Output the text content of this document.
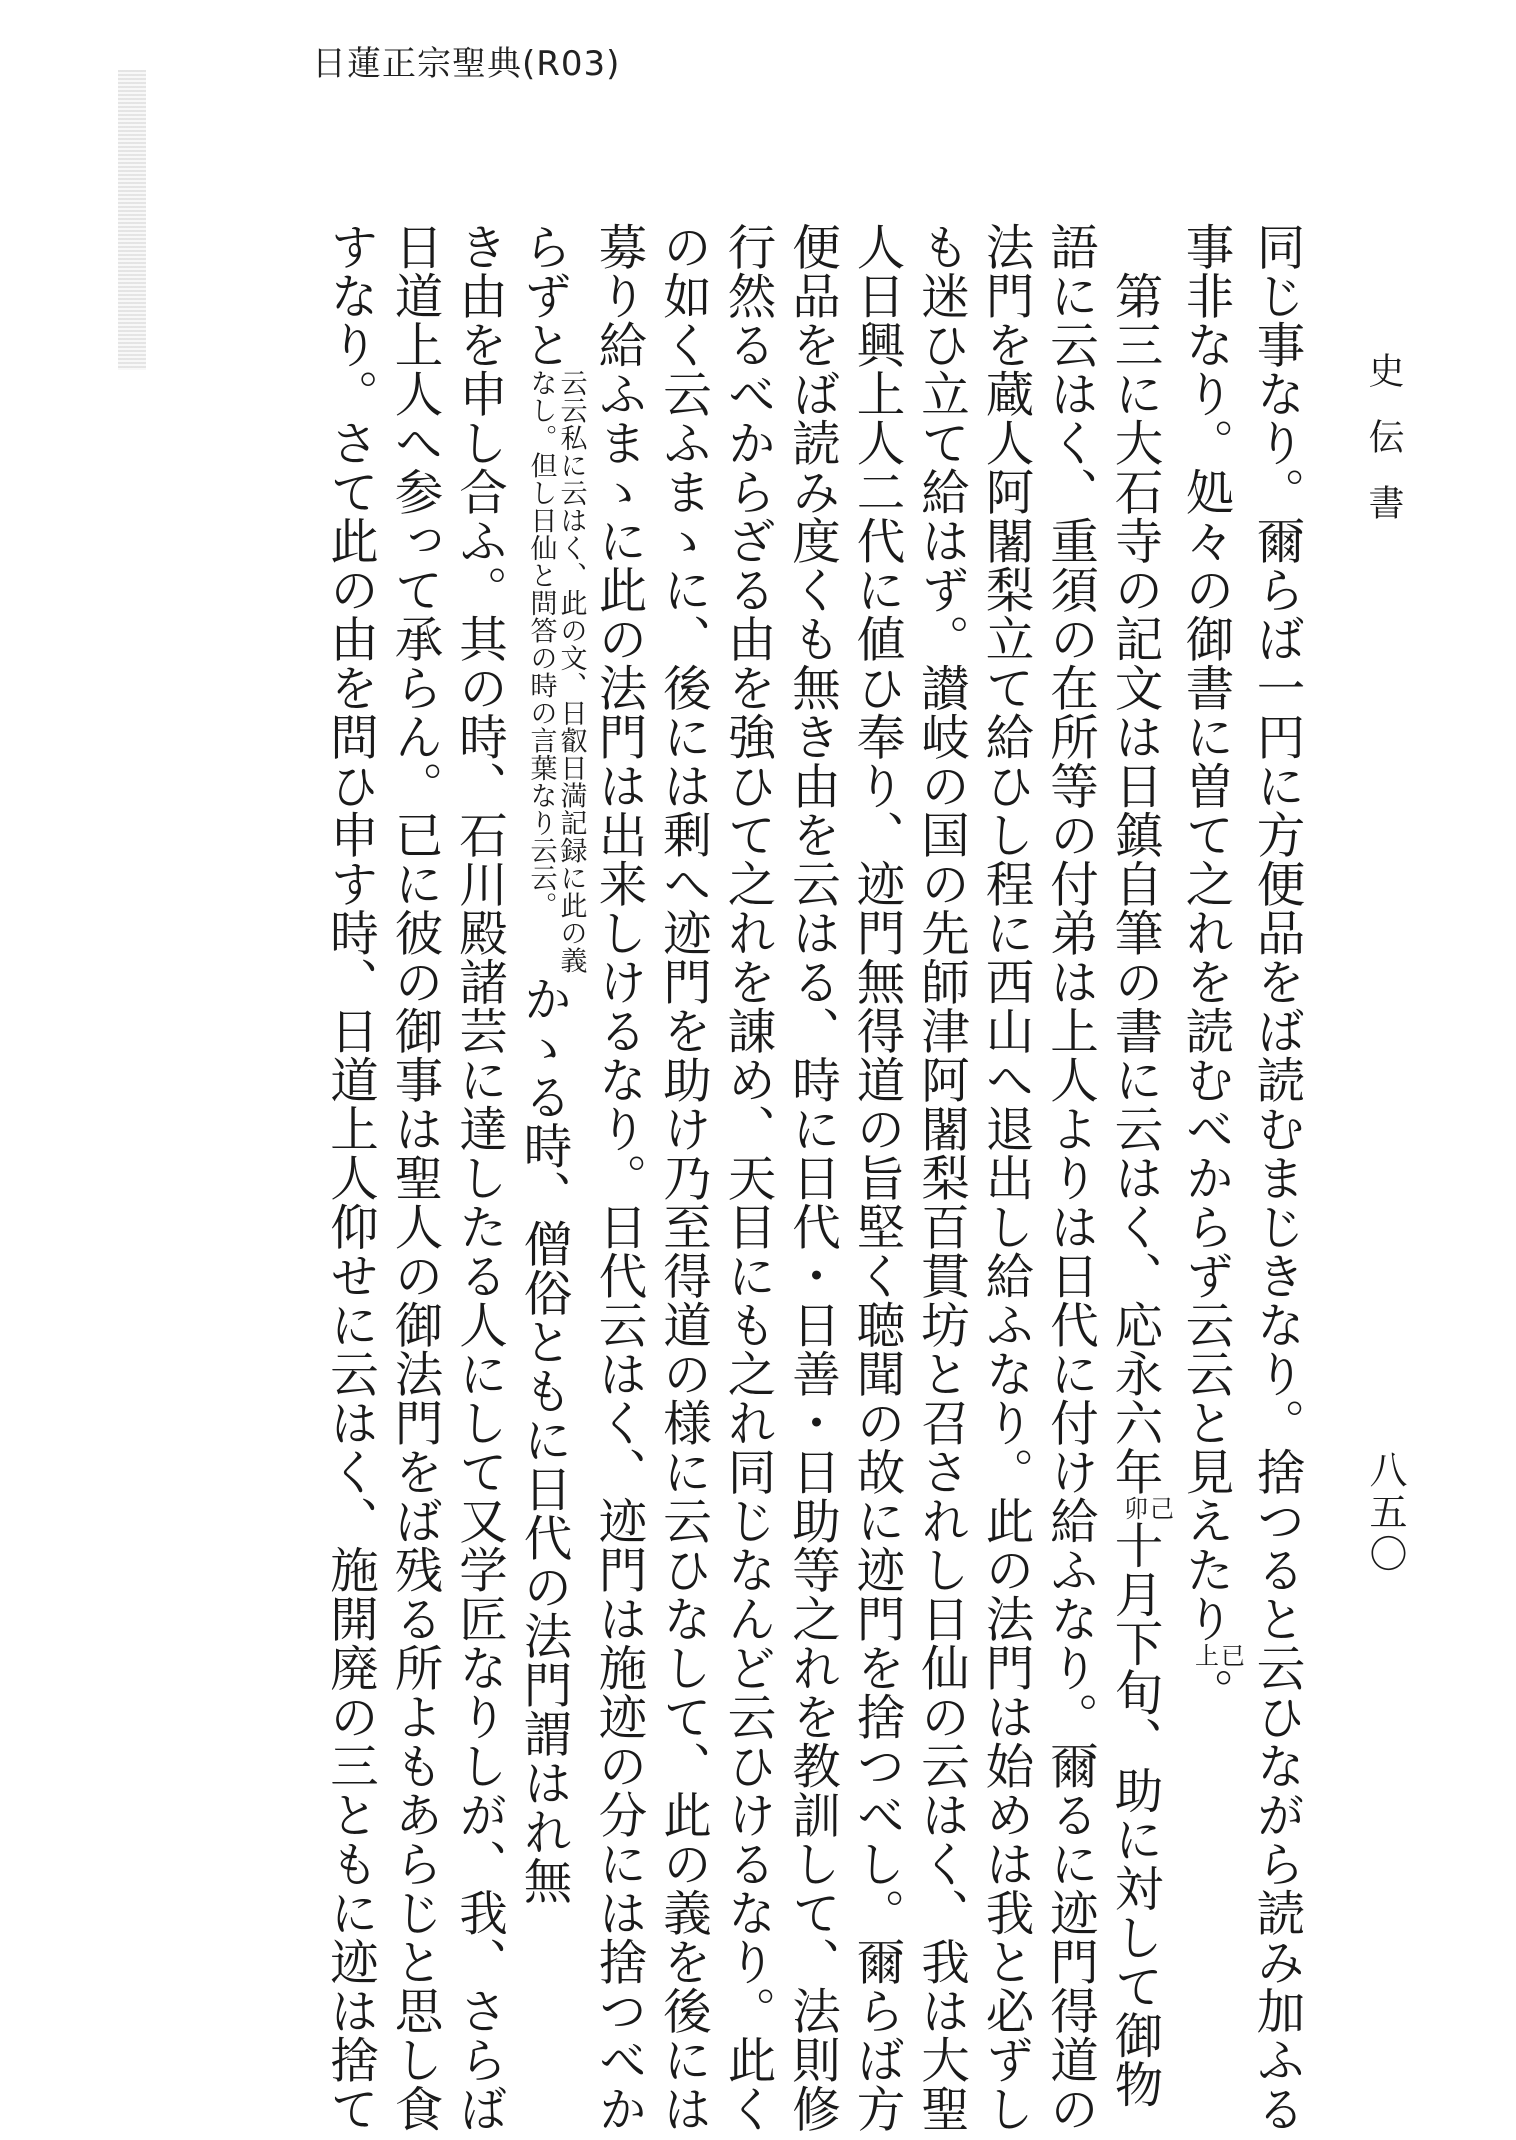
日蓮正宗聖典(R03)
史伝書
八五〇
同じ事なり。爾らば一円に方便品をば読むまじきなり。捨つると云ひながら読み加ふる
事非なり。処々の御書に曽て之れを読むべからず云云と見えたり
已
上
。
　第三に大石寺の記文は日鎮自筆の書に云はく、応永六年
己
卯
十月下旬、助に対して御物
語に云はく、重須の在所等の付弟は上人よりは日代に付け給ふなり。爾るに迹門得道の
法門を蔵人阿闍梨立て給ひし程に西山へ退出し給ふなり。此の法門は始めは我と必ずし
も迷ひ立て給はず。讃岐の国の先師津阿闍梨百貫坊と召されし日仙の云はく、我は大聖
人日興上人二代に値ひ奉り、迹門無得道の旨堅く聴聞の故に迹門を捨つべし。爾らば方
便品をば読み度くも無き由を云はる、時に日代・日善・日助等之れを教訓して、法則修
行然るべからざる由を強ひて之れを諌め、天目にも之れ同じなんど云ひけるなり。此く
の如く云ふまゝに、後には剰へ迹門を助け乃至得道の様に云ひなして、此の義を後には
募り給ふまゝに此の法門は出来しけるなり。日代云はく、迹門は施迹の分には捨つべか
らずと
云云私に云はく、此の文、日叡日満記録に此の義
なし。但し日仙と問答の時の言葉なり云云。
かゝる時、僧俗ともに日代の法門謂はれ無
き由を申し合ふ。其の時、石川殿諸芸に達したる人にして又学匠なりしが、我、さらば
日道上人へ参って承らん。已に彼の御事は聖人の御法門をば残る所よもあらじと思し食
すなり。さて此の由を問ひ申す時、日道上人仰せに云はく、施開廃の三ともに迹は捨て
